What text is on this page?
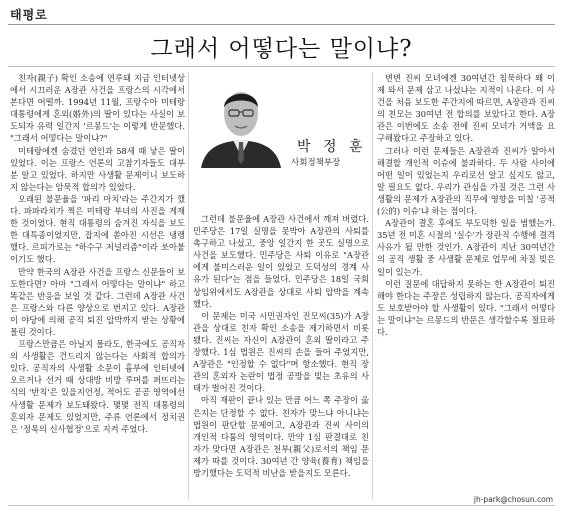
태평로
그래서 어떻다는 말이냐?

친자(親子) 확인 소송에 연루돼 지금 인터넷상에서 시끄러운 A장관 사건을 프랑스의 시각에서 본다면 어떨까. 1994년 11월, 프랑수아 미테랑 대통령에게 혼외(婚外)의 딸이 있다는 사실이 보도되자 유력 일간지 '르몽드'는 이렇게 반문했다. "그래서 어떻다는 말이냐?"

미테랑에겐 숨겼던 연인과 58세 때 낳은 딸이 있었다. 이는 프랑스 언론의 고참기자들도 대부분 알고 있었다. 하지만 사생활 문제이니 보도하지 않는다는 암묵적 합의가 있었다.

오래된 불문율을 '파리 마치'라는 주간지가 깼다. 파파라치가 찍은 미테랑 부녀의 사진을 게재한 것이었다. 현직 대통령의 숨겨진 자식을 보도한 대특종이었지만, 잡지에 쏟아진 시선은 냉랭했다. 르피가로는 "하수구 저널리즘"이라 쏘아붙이기도 했다.

만약 한국의 A장관 사건을 프랑스 신문들이 보도한다면? 아마 "그래서 어떻다는 말이냐" 하고 똑같은 반응을 보일 것 같다. 그런데 A장관 사건은 프랑스와 다른 양상으로 번지고 있다. A장관이 야당에 의해 공직 퇴진 압박까지 받는 상황에 몰린 것이다.

프랑스만큼은 아닐지 몰라도, 한국에도 공직자의 사생활은 건드리지 않는다는 사회적 합의가 있다. 공직자의 사생활 소문이 흉부에 인터넷에 오르거나 선거 때 상대방 비방 루머를 퍼뜨리는 식의 '반칙'은 있을지언정, 적어도 공공 영역에선 사생활 문제가 보도돼왔다. 몇몇 전직 대통령의 혼외자 문제도 있었지만, 주류 언론에서 정치권은 '정목의 신사협정'으로 지켜 주었다.

박 정 훈
사회정책부장

그런데 불문율에 A장관 사건에서 깨져 버렸다. 민주당은 17일 실명을 못박아 A장관의 사퇴를 촉구하고 나섰고, 중앙 일간지 한 곳도 실명으로 사건을 보도했다. 민주당은 사퇴 이유로 "A장관에게 불미스러운 일이 있었고 도덕성의 경계 사유가 된다"는 점을 들었다. 민주당은 18일 국회 상임위에서도 A장관을 상대로 사퇴 압박을 계속했다.

이 문제는 미국 시민권자인 진모씨(35)가 A장관을 상대로 친자 확인 소송을 제기하면서 비롯됐다. 진씨는 자신이 A장관이 혼외 딸이라고 주장했다. 1심 법원은 진씨의 손을 들어 주었지만, A장관은 "인정할 수 없다"며 항소했다. 현직 장관의 혼외자 논란이 법정 공방을 빚는 초유의 사태가 벌어진 것이다.

아직 재판이 끝나 있는 만큼 어느 쪽 주장이 옳은지는 단정할 수 없다. 친자가 맞느냐 아니냐는 법원이 판단할 문제이고, A장관과 진씨 사이의 개인적 다툼의 영역이다. 만약 1심 판결대로 친자가 맞다면 A장관은 천부(親父)로서의 책임 문제가 따를 것이다. 30여년 간 양육(養育) 책임을 방기했다는 도덕적 비난을 받을지도 모른다.

변변 진씨 모녀에겐 30여년간 침묵하다 왜 이제 와서 문제 삼고 나섰냐는 지적이 나온다. 이 사건을 처음 보도한 주간지에 따르면, A장관과 진씨의 친모는 30여년 전 합의를 보았다고 한다. A장관은 이번에도 소송 전에 진씨 모녀가 거액을 요구해왔다고 주장하고 있다.

그러나 이런 문제들은 A장관과 진씨가 알아서 해결할 개인적 이슈에 불과하다. 두 사람 사이에 어떤 일이 있었는지 우리로선 알고 싶지도 않고, 알 필요도 없다. 우리가 관심을 가질 것은 그런 사생활의 문제가 A장관의 직무에 영향을 미칠 '공적(公的) 이슈'냐 하는 점이다.

A장관이 결혼 후에도 부도덕한 일을 범했는가. 35년 전 미혼 시절의 '실수'가 장관직 수행에 결격 사유가 될 만한 것인가. A장관이 지난 30여년간의 공직 생활 중 사생활 문제로 업무에 차질 빚은 일이 있는가.

이런 질문에 대답하지 못하는 한 A장관이 퇴진해야 한다는 주장은 성립하지 않는다. 공직자에게도 보호받아야 할 사생활이 있다. "그래서 어떻다는 말이냐"는 르몽드의 반문은 생각할수록 절묘하다.

jh-park@chosun.com
